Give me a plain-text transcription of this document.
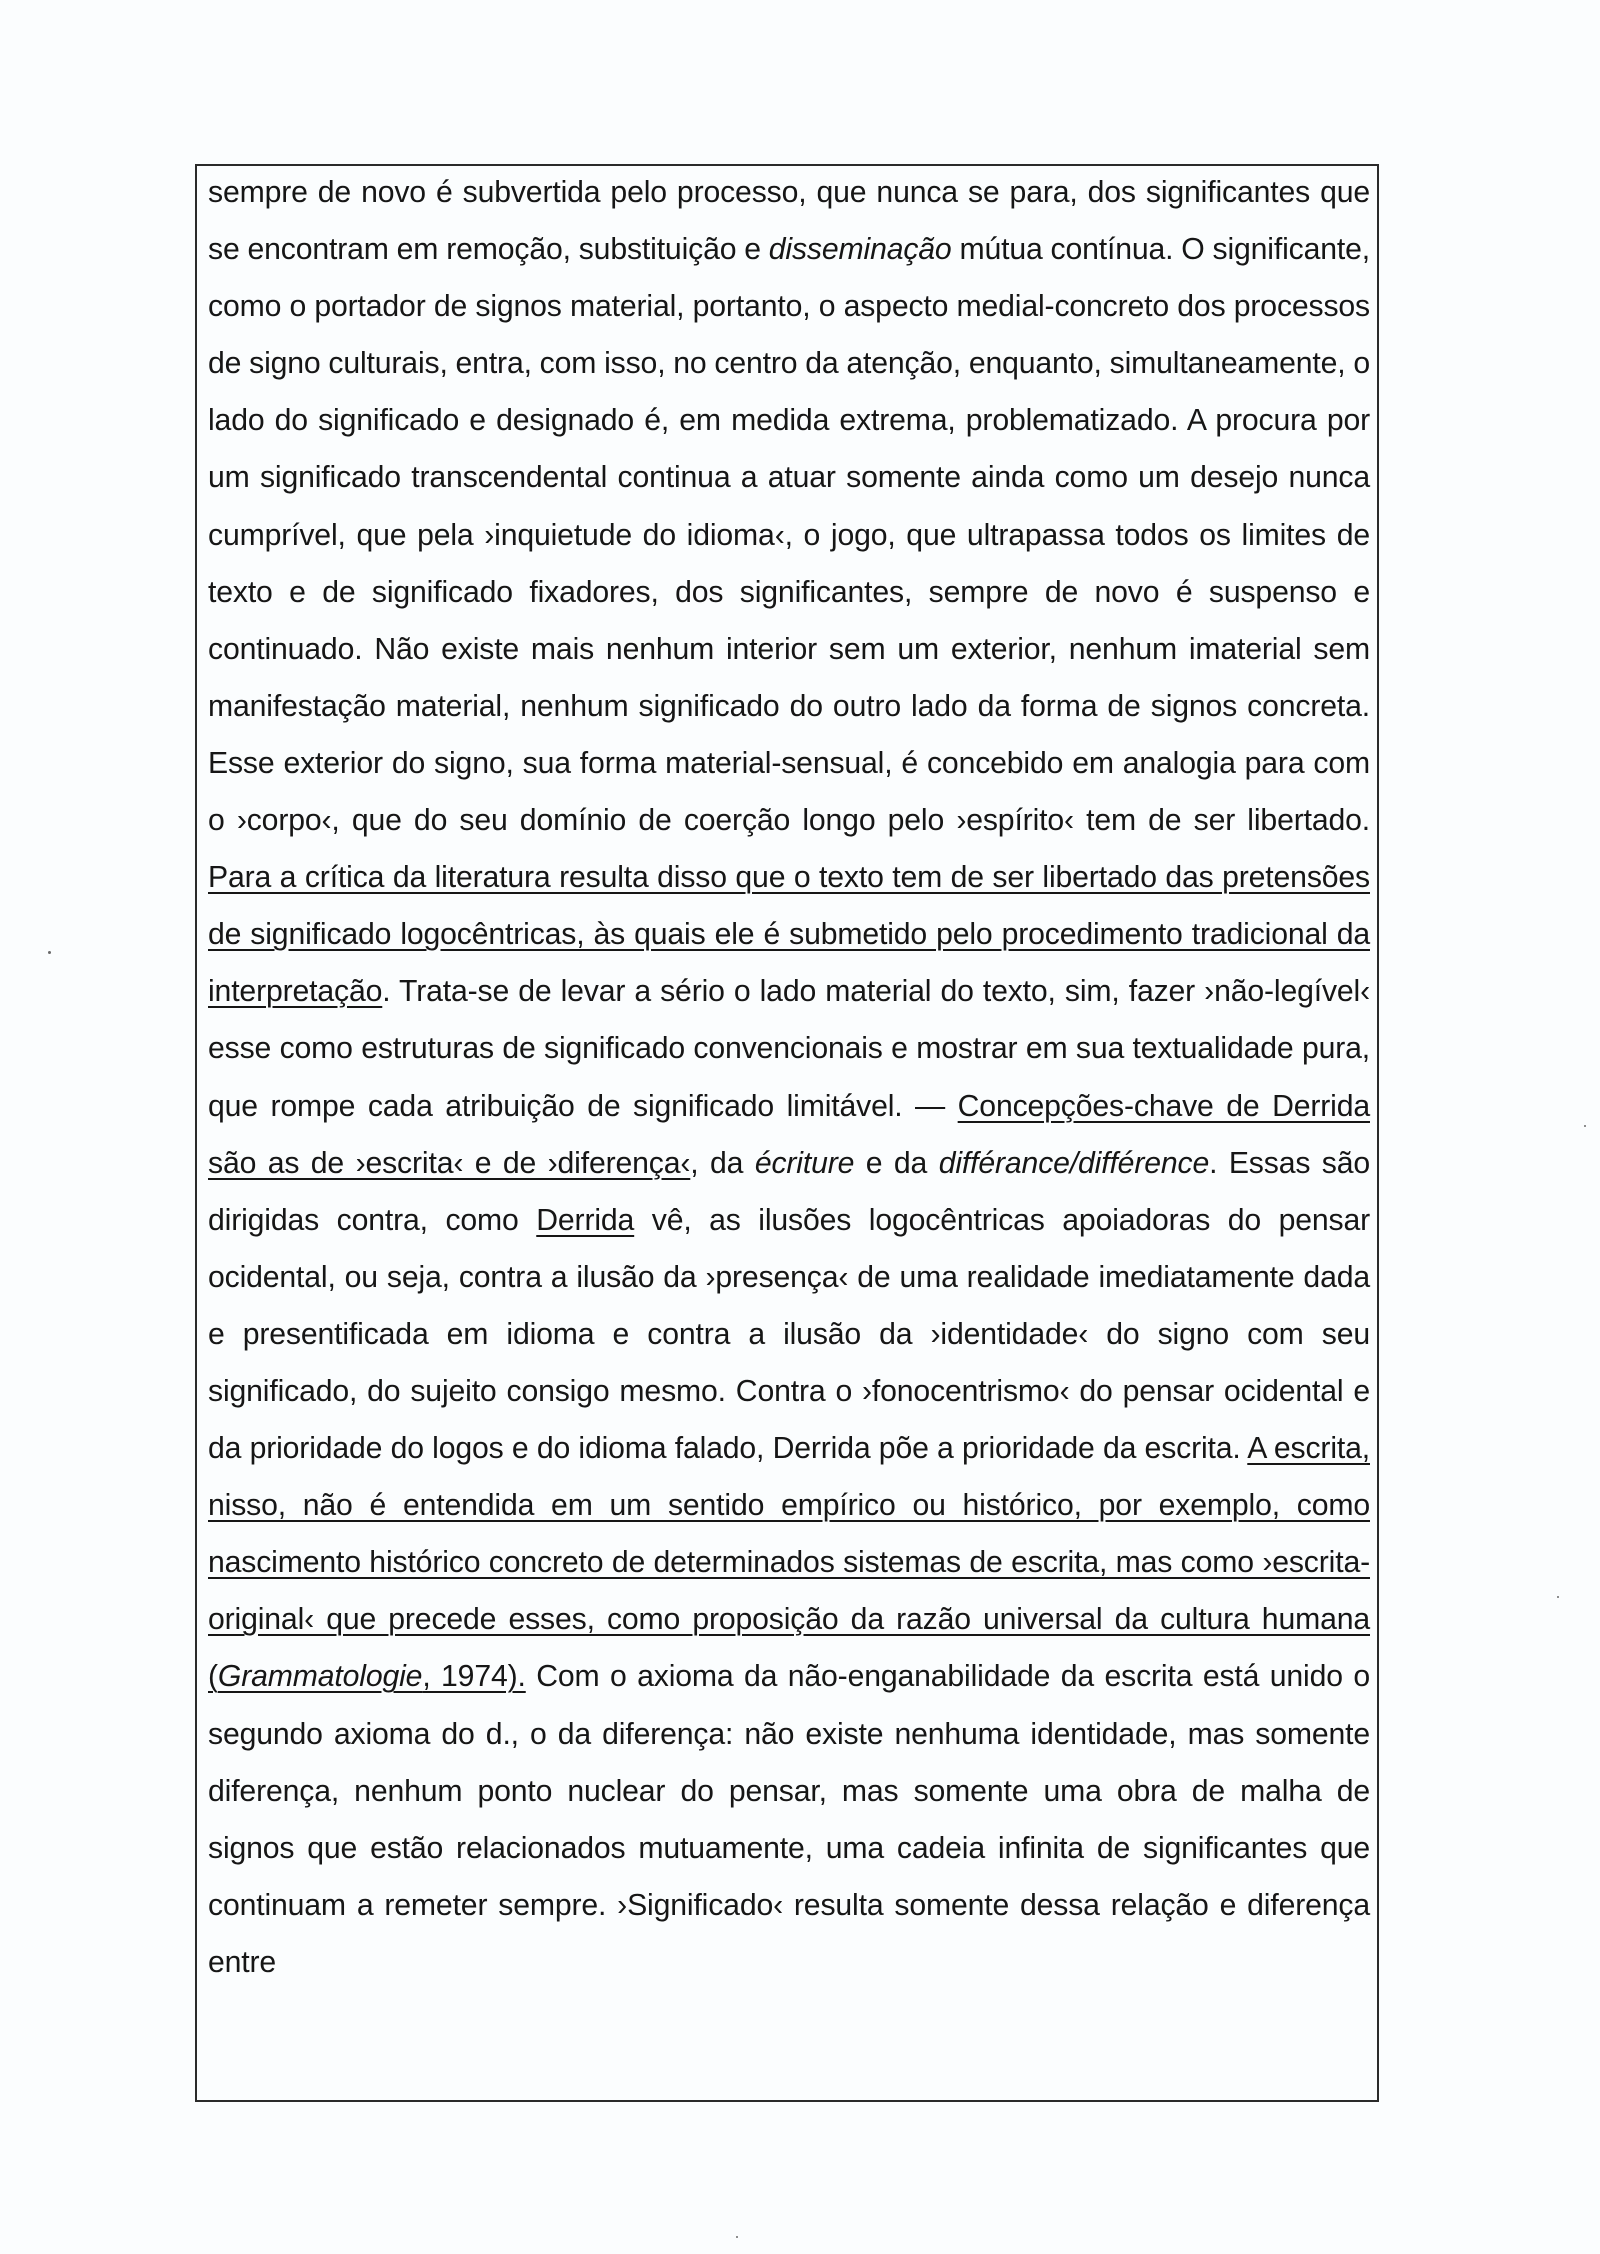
sempre de novo é subvertida pelo processo, que nunca se para, dos significantes que se encontram em remoção, substituição e disseminação mútua contínua. O significante, como o portador de signos material, portanto, o aspecto medial-concreto dos processos de signo culturais, entra, com isso, no centro da atenção, enquanto, simultaneamente, o lado do significado e designado é, em medida extrema, problematizado. A procura por um significado transcendental continua a atuar somente ainda como um desejo nunca cumprível, que pela ›inquietude do idioma‹, o jogo, que ultrapassa todos os limites de texto e de significado fixadores, dos significantes, sempre de novo é suspenso e continuado. Não existe mais nenhum interior sem um exterior, nenhum imaterial sem manifestação material, nenhum significado do outro lado da forma de signos concreta. Esse exterior do signo, sua forma material-sensual, é concebido em analogia para com o ›corpo‹, que do seu domínio de coerção longo pelo ›espírito‹ tem de ser libertado. Para a crítica da literatura resulta disso que o texto tem de ser libertado das pretensões de significado logocêntricas, às quais ele é submetido pelo procedimento tradicional da interpretação. Trata-se de levar a sério o lado material do texto, sim, fazer ›não-legível‹ esse como estruturas de significado convencionais e mostrar em sua textualidade pura, que rompe cada atribuição de significado limitável. — Concepções-chave de Derrida são as de ›escrita‹ e de ›diferença‹, da écriture e da différance/différence. Essas são dirigidas contra, como Derrida vê, as ilusões logocêntricas apoiadoras do pensar ocidental, ou seja, contra a ilusão da ›presença‹ de uma realidade imediatamente dada e presentificada em idioma e contra a ilusão da ›identidade‹ do signo com seu significado, do sujeito consigo mesmo. Contra o ›fonocentrismo‹ do pensar ocidental e da prioridade do logos e do idioma falado, Derrida põe a prioridade da escrita. A escrita, nisso, não é entendida em um sentido empírico ou histórico, por exemplo, como nascimento histórico concreto de determinados sistemas de escrita, mas como ›escrita-original‹ que precede esses, como proposição da razão universal da cultura humana (Grammatologie, 1974). Com o axioma da não-enganabilidade da escrita está unido o segundo axioma do d., o da diferença: não existe nenhuma identidade, mas somente diferença, nenhum ponto nuclear do pensar, mas somente uma obra de malha de signos que estão relacionados mutuamente, uma cadeia infinita de significantes que continuam a remeter sempre. ›Significado‹ resulta somente dessa relação e diferença entre
